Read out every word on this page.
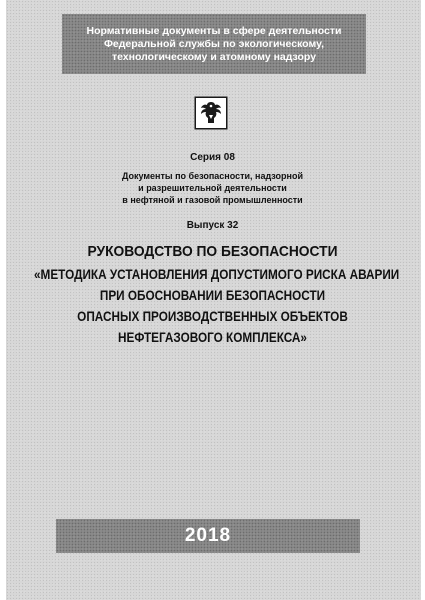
Нормативные документы в сфере деятельности
Федеральной службы по экологическому,
технологическому и атомному надзору
Серия 08
Документы по безопасности, надзорной
и разрешительной деятельности
в нефтяной и газовой промышленности
Выпуск 32
РУКОВОДСТВО ПО БЕЗОПАСНОСТИ
«МЕТОДИКА УСТАНОВЛЕНИЯ ДОПУСТИМОГО РИСКА АВАРИИ
ПРИ ОБОСНОВАНИИ БЕЗОПАСНОСТИ
ОПАСНЫХ ПРОИЗВОДСТВЕННЫХ ОБЪЕКТОВ
НЕФТЕГАЗОВОГО КОМПЛЕКСА»
2018
